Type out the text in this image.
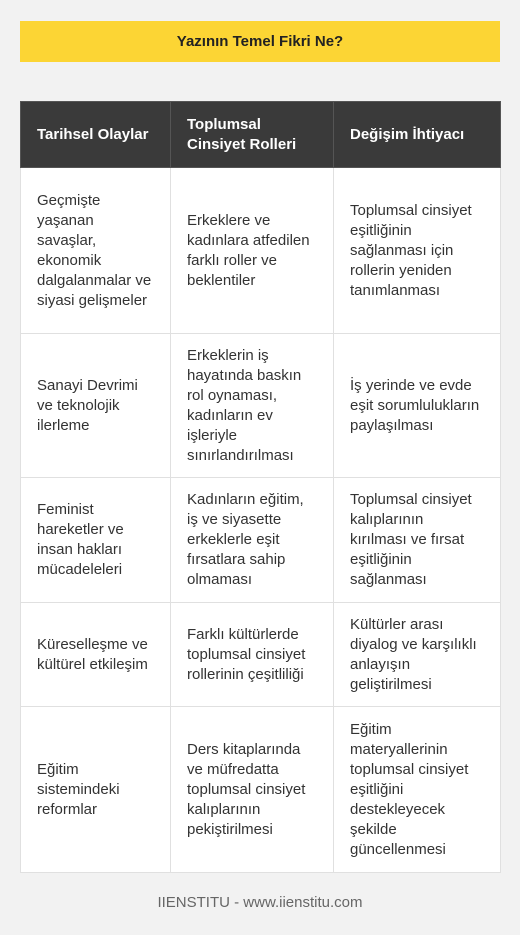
Yazının Temel Fikri Ne?
Tarihsel Olaylar	Toplumsal Cinsiyet Rolleri	Değişim İhtiyacı
Geçmişte yaşanan savaşlar, ekonomik dalgalanmalar ve siyasi gelişmeler	Erkeklere ve kadınlara atfedilen farklı roller ve beklentiler	Toplumsal cinsiyet eşitliğinin sağlanması için rollerin yeniden tanımlanması
Sanayi Devrimi ve teknolojik ilerleme	Erkeklerin iş hayatında baskın rol oynaması, kadınların ev işleriyle sınırlandırılması	İş yerinde ve evde eşit sorumlulukların paylaşılması
Feminist hareketler ve insan hakları mücadeleleri	Kadınların eğitim, iş ve siyasette erkeklerle eşit fırsatlara sahip olmaması	Toplumsal cinsiyet kalıplarının kırılması ve fırsat eşitliğinin sağlanması
Küreselleşme ve kültürel etkileşim	Farklı kültürlerde toplumsal cinsiyet rollerinin çeşitliliği	Kültürler arası diyalog ve karşılıklı anlayışın geliştirilmesi
Eğitim sistemindeki reformlar	Ders kitaplarında ve müfredatta toplumsal cinsiyet kalıplarının pekiştirilmesi	Eğitim materyallerinin toplumsal cinsiyet eşitliğini destekleyecek şekilde güncellenmesi
IIENSTITU - www.iienstitu.com
